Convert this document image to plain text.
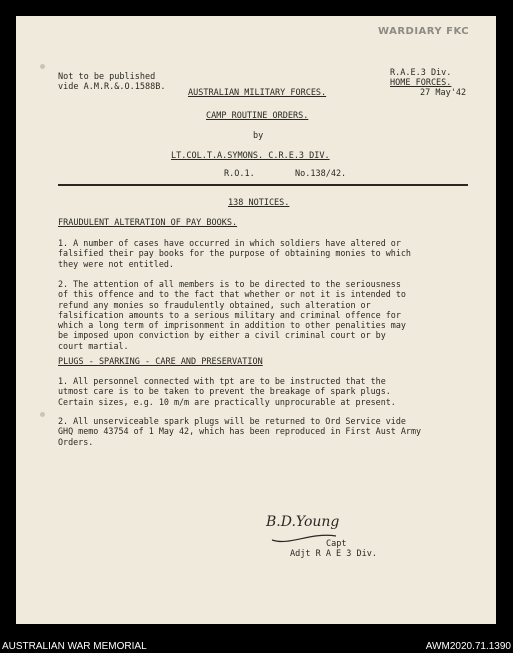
WARDIARY FKC
Not to be published
vide A.M.R.&.O.1588B.
R.A.E.3 Div.
HOME FORCES.
27 May'42
AUSTRALIAN MILITARY FORCES.
CAMP ROUTINE ORDERS.
by
LT.COL.T.A.SYMONS. C.R.E.3 DIV.
R.O.1.	No.138/42.
138 NOTICES.
FRAUDULENT ALTERATION OF PAY BOOKS.
1. A number of cases have occurred in which soldiers have altered or
falsified their pay books for the purpose of obtaining monies to which
they were not entitled.
2. The attention of all members is to be directed to the seriousness
of this offence and to the fact that whether or not it is intended to
refund any monies so fraudulently obtained, such alteration or
falsification amounts to a serious military and criminal offence for
which a long term of imprisonment in addition to other penalities may
be imposed upon conviction by either a civil criminal court or by
court martial.
PLUGS - SPARKING - CARE AND PRESERVATION
1. All personnel connected with tpt are to be instructed that the
utmost care is to be taken to prevent the breakage of spark plugs.
Certain sizes, e.g. 10 m/m are practically unprocurable at present.
2. All unserviceable spark plugs will be returned to Ord Service vide
GHQ memo 43754 of 1 May 42, which has been reproduced in First Aust Army
Orders.
B.D.Young
Capt
Adjt R A E 3 Div.
AUSTRALIAN WAR MEMORIAL	AWM2020.71.1390
